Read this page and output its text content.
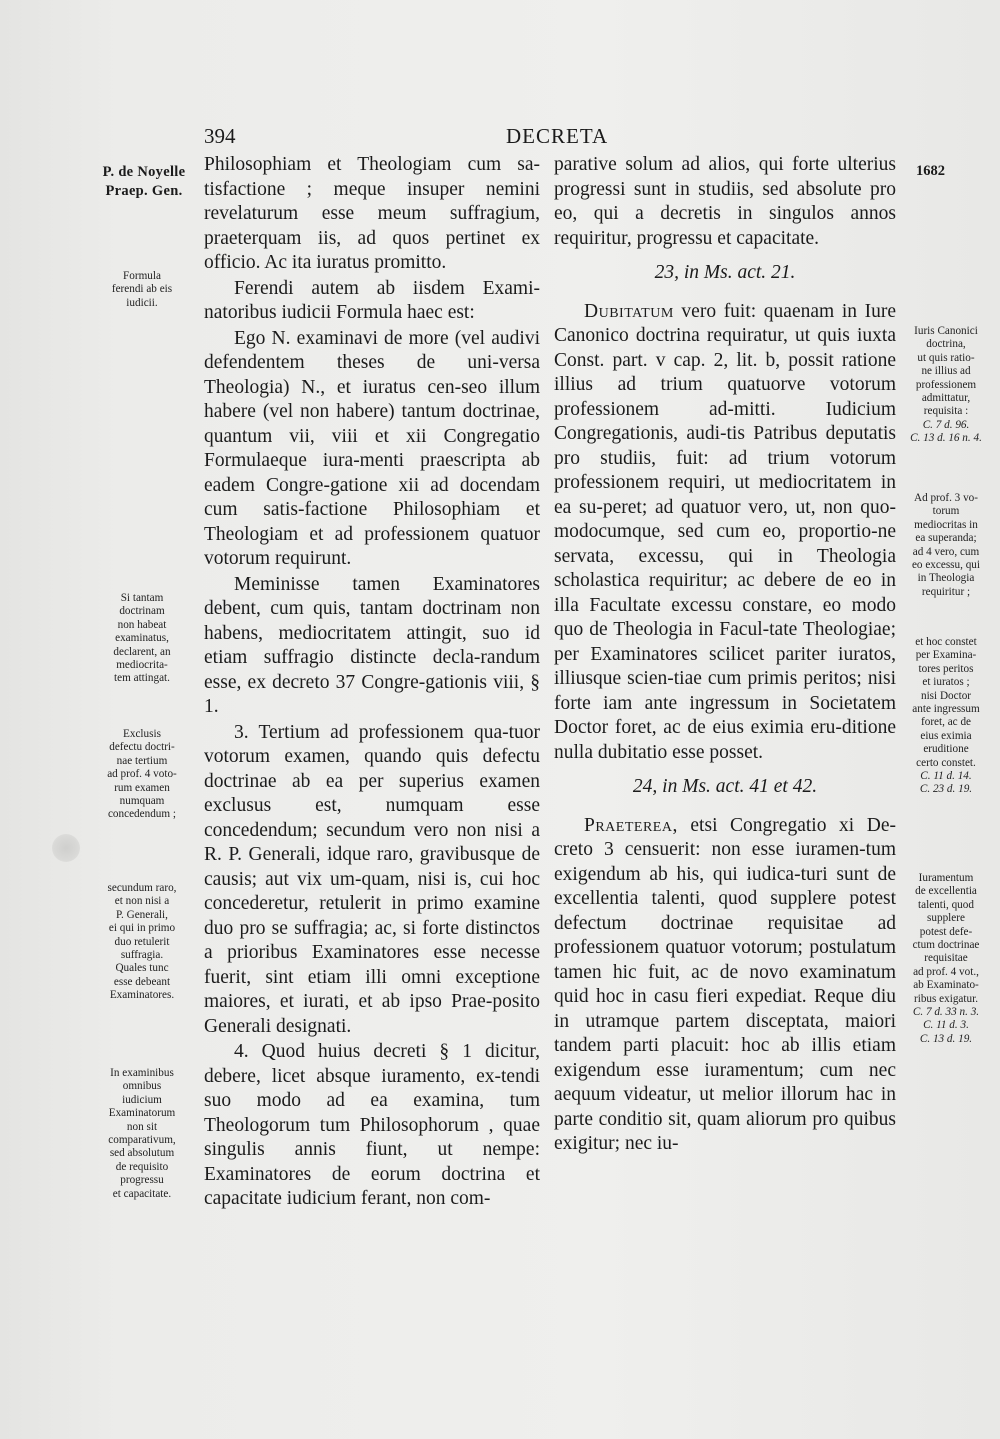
394	DECRETA
P. de Noyelle
Praep. Gen.
1682
Formula
ferendi ab eis
iudicii.
Si tantam
doctrinam
non habeat
examinatus,
declarent, an
mediocrita-
tem attingat.
Exclusis
defectu doctri-
nae tertium
ad prof. 4 voto-
rum examen
numquam
concedendum ;
secundum raro,
et non nisi a
P. Generali,
ei qui in primo
duo retulerit
suffragia.
Quales tunc
esse debeant
Examinatores.
In examinibus
omnibus
iudicium
Examinatorum
non sit
comparativum,
sed absolutum
de requisito
progressu
et capacitate.
Iuris Canonici
doctrina,
ut quis ratio-
ne illius ad
professionem
admittatur,
requisita :
C. 7 d. 96.
C. 13 d. 16 n. 4.
Ad prof. 3 vo-
torum
mediocritas in
ea superanda;
ad 4 vero, cum
eo excessu, qui
in Theologia
requiritur ;
et hoc constet
per Examina-
tores peritos
et iuratos ;
nisi Doctor
ante ingressum
foret, ac de
eius eximia
eruditione
certo constet.
C. 11 d. 14.
C. 23 d. 19.
Iuramentum
de excellentia
talenti, quod
supplere
potest defe-
ctum doctrinae
requisitae
ad prof. 4 vot.,
ab Examinato-
ribus exigatur.
C. 7 d. 33 n. 3.
C. 11 d. 3.
C. 13 d. 19.

Philosophiam et Theologiam cum sa-tisfactione ; meque insuper nemini revelaturum esse meum suffragium, praeterquam iis, ad quos pertinet ex officio. Ac ita iuratus promitto.

Ferendi autem ab iisdem Exami-natoribus iudicii Formula haec est:

Ego N. examinavi de more (vel audivi defendentem theses de uni-versa Theologia) N., et iuratus cen-seo illum habere (vel non habere) tantum doctrinae, quantum vii, viii et xii Congregatio Formulaeque iura-menti praescripta ab eadem Congre-gatione xii ad docendam cum satis-factione Philosophiam et Theologiam et ad professionem quatuor votorum requirunt.

Meminisse tamen Examinatores debent, cum quis, tantam doctrinam non habens, mediocritatem attingit, suo id etiam suffragio distincte decla-randum esse, ex decreto 37 Congre-gationis viii, § 1.

3. Tertium ad professionem qua-tuor votorum examen, quando quis defectu doctrinae ab ea per superius examen exclusus est, numquam esse concedendum; secundum vero non nisi a R. P. Generali, idque raro, gravibusque de causis; aut vix um-quam, nisi is, cui hoc concederetur, retulerit in primo examine duo pro se suffragia; ac, si forte distinctos a prioribus Examinatores esse necesse fuerit, sint etiam illi omni exceptione maiores, et iurati, et ab ipso Prae-posito Generali designati.

4. Quod huius decreti § 1 dicitur, debere, licet absque iuramento, ex-tendi suo modo ad ea examina, tum Theologorum tum Philosophorum , quae singulis annis fiunt, ut nempe: Examinatores de eorum doctrina et capacitate iudicium ferant, non com-

parative solum ad alios, qui forte ulterius progressi sunt in studiis, sed absolute pro eo, qui a decretis in singulos annos requiritur, progressu et capacitate.

23, in Ms. act. 21.

Dubitatum vero fuit: quaenam in Iure Canonico doctrina requiratur, ut quis iuxta Const. part. v cap. 2, lit. b, possit ratione illius ad trium quatuorve votorum professionem ad-mitti. Iudicium Congregationis, audi-tis Patribus deputatis pro studiis, fuit: ad trium votorum professionem requiri, ut mediocritatem in ea su-peret; ad quatuor vero, ut, non quo-modocumque, sed cum eo, proportio-ne servata, excessu, qui in Theologia scholastica requiritur; ac debere de eo in illa Facultate excessu constare, eo modo quo de Theologia in Facul-tate Theologiae; per Examinatores scilicet pariter iuratos, illiusque scien-tiae cum primis peritos; nisi forte iam ante ingressum in Societatem Doctor foret, ac de eius eximia eru-ditione nulla dubitatio esse posset.

24, in Ms. act. 41 et 42.

Praeterea, etsi Congregatio xi De-creto 3 censuerit: non esse iuramen-tum exigendum ab his, qui iudica-turi sunt de excellentia talenti, quod supplere potest defectum doctrinae requisitae ad professionem quatuor votorum; postulatum tamen hic fuit, ac de novo examinatum quid hoc in casu fieri expediat. Reque diu in utramque partem disceptata, maiori tandem parti placuit: hoc ab illis etiam exigendum esse iuramentum; cum nec aequum videatur, ut melior illorum hac in parte conditio sit, quam aliorum pro quibus exigitur; nec iu-
